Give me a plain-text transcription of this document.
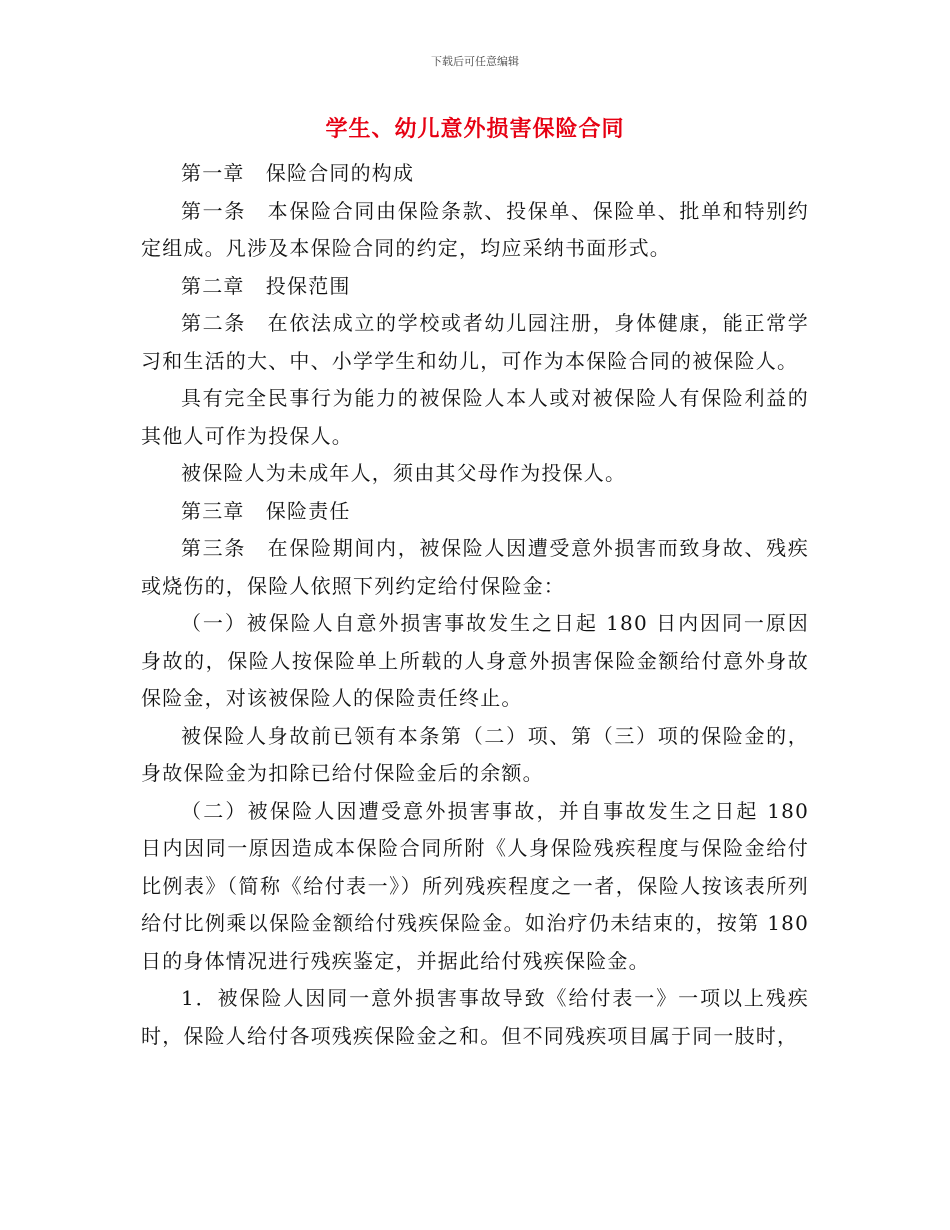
下载后可任意编辑
学生、幼儿意外损害保险合同

第一章　保险合同的构成

第一条　本保险合同由保险条款、投保单、保险单、批单和特别约定组成。凡涉及本保险合同的约定，均应采纳书面形式。

第二章　投保范围

第二条　在依法成立的学校或者幼儿园注册，身体健康，能正常学习和生活的大、中、小学学生和幼儿，可作为本保险合同的被保险人。

具有完全民事行为能力的被保险人本人或对被保险人有保险利益的其他人可作为投保人。

被保险人为未成年人，须由其父母作为投保人。

第三章　保险责任

第三条　在保险期间内，被保险人因遭受意外损害而致身故、残疾或烧伤的，保险人依照下列约定给付保险金：

（一）被保险人自意外损害事故发生之日起 180 日内因同一原因身故的，保险人按保险单上所载的人身意外损害保险金额给付意外身故保险金，对该被保险人的保险责任终止。

被保险人身故前已领有本条第（二）项、第（三）项的保险金的，身故保险金为扣除已给付保险金后的余额。

（二）被保险人因遭受意外损害事故，并自事故发生之日起 180 日内因同一原因造成本保险合同所附《人身保险残疾程度与保险金给付比例表》（简称《给付表一》）所列残疾程度之一者，保险人按该表所列给付比例乘以保险金额给付残疾保险金。如治疗仍未结束的，按第 180 日的身体情况进行残疾鉴定，并据此给付残疾保险金。

1．被保险人因同一意外损害事故导致《给付表一》一项以上残疾时，保险人给付各项残疾保险金之和。但不同残疾项目属于同一肢时，
